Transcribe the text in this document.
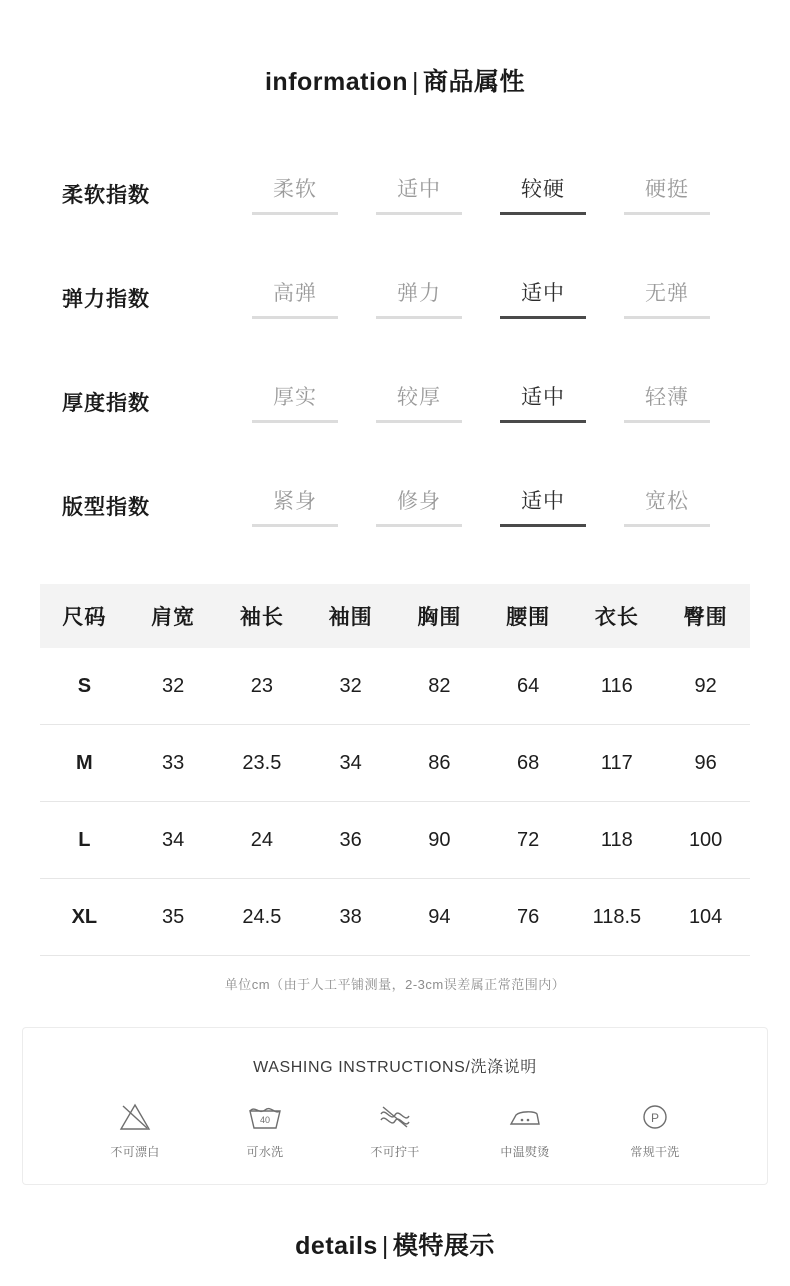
information | 商品属性
柔软指数	柔软	适中	较硬	硬挺
弹力指数	高弹	弹力	适中	无弹
厚度指数	厚实	较厚	适中	轻薄
版型指数	紧身	修身	适中	宽松
尺码	肩宽	袖长	袖围	胸围	腰围	衣长	臀围
S	32	23	32	82	64	116	92
M	33	23.5	34	86	68	117	96
L	34	24	36	90	72	118	100
XL	35	24.5	38	94	76	118.5	104
单位cm（由于人工平铺测量，2-3cm误差属正常范围内）
WASHING INSTRUCTIONS/洗涤说明
不可漂白
40
可水洗	不可拧干	中温熨烫
P
常规干洗
details | 模特展示
